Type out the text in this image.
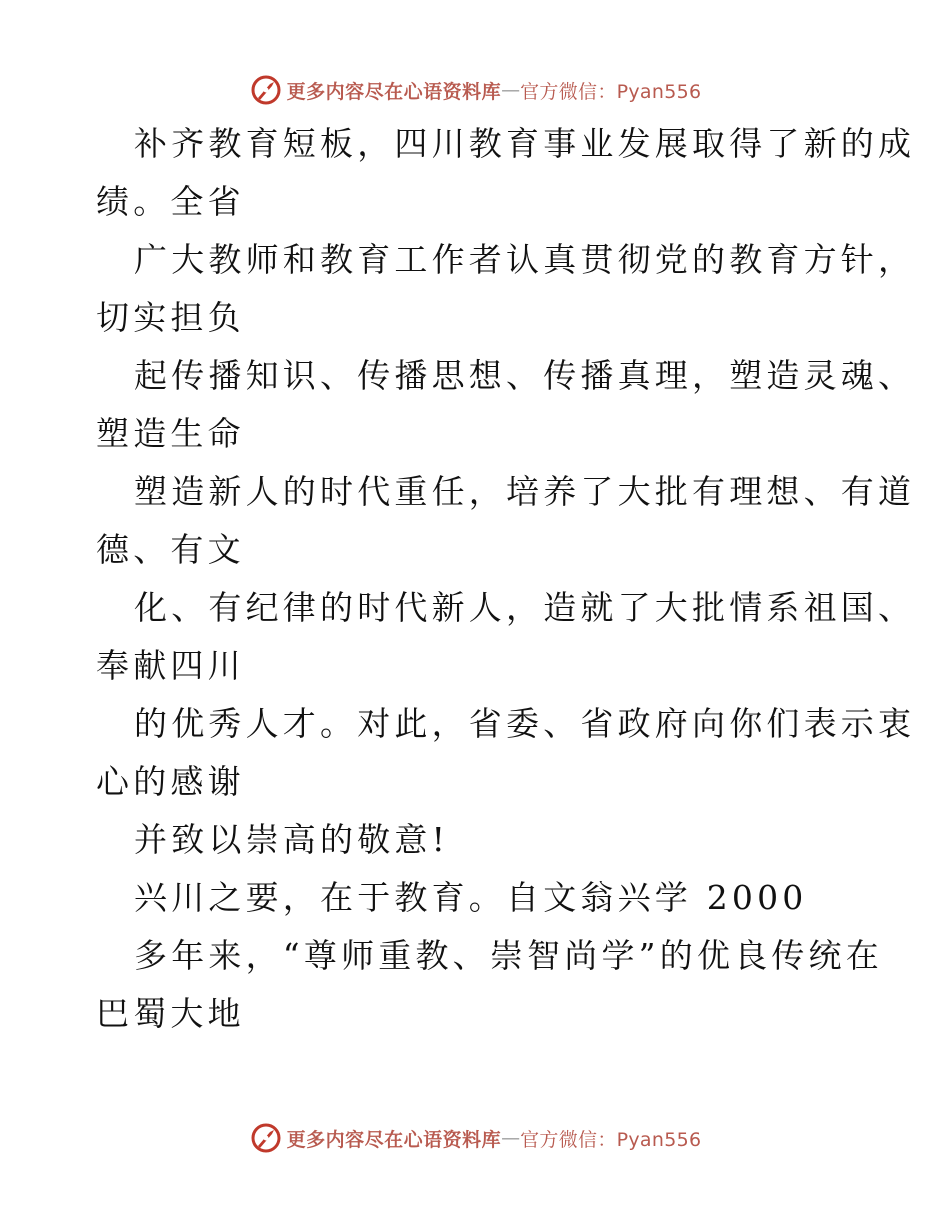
更多内容尽在心语资料库 — 官方微信：Pyan556
补齐教育短板，四川教育事业发展取得了新的成
绩。全省
广大教师和教育工作者认真贯彻党的教育方针，
切实担负
起传播知识、传播思想、传播真理，塑造灵魂、
塑造生命
塑造新人的时代重任，培养了大批有理想、有道
德、有文
化、有纪律的时代新人，造就了大批情系祖国、
奉献四川
的优秀人才。对此，省委、省政府向你们表示衷
心的感谢
并致以崇高的敬意!
兴川之要，在于教育。自文翁兴学 2000
多年来，“尊师重教、崇智尚学”的优良传统在
巴蜀大地
更多内容尽在心语资料库 — 官方微信：Pyan556
